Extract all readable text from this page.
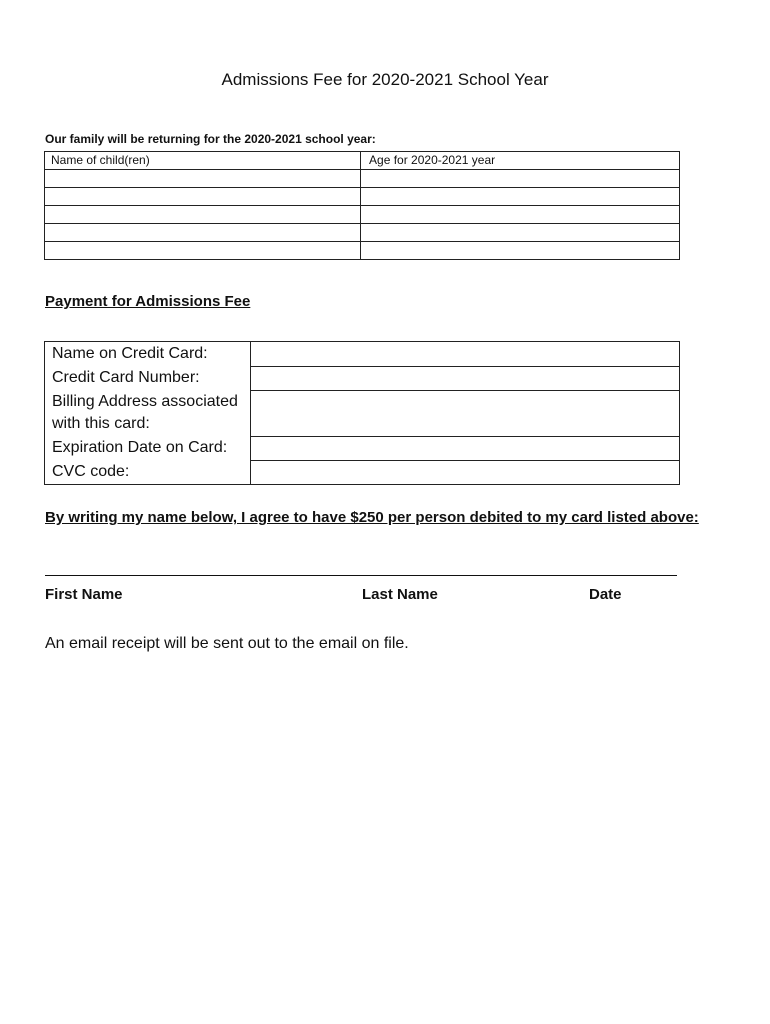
Admissions Fee for 2020-2021 School Year
Our family will be returning for the 2020-2021 school year:
Name of child(ren)	Age for 2020-2021 year

Payment for Admissions Fee
Name on Credit Card:	
Credit Card Number:	

Billing Address associated
with this card:	

Expiration Date on Card:	
CVC code:	
By writing my name below, I agree to have $250 per person debited to my card listed above:
First Name	Last Name	Date
An email receipt will be sent out to the email on file.
